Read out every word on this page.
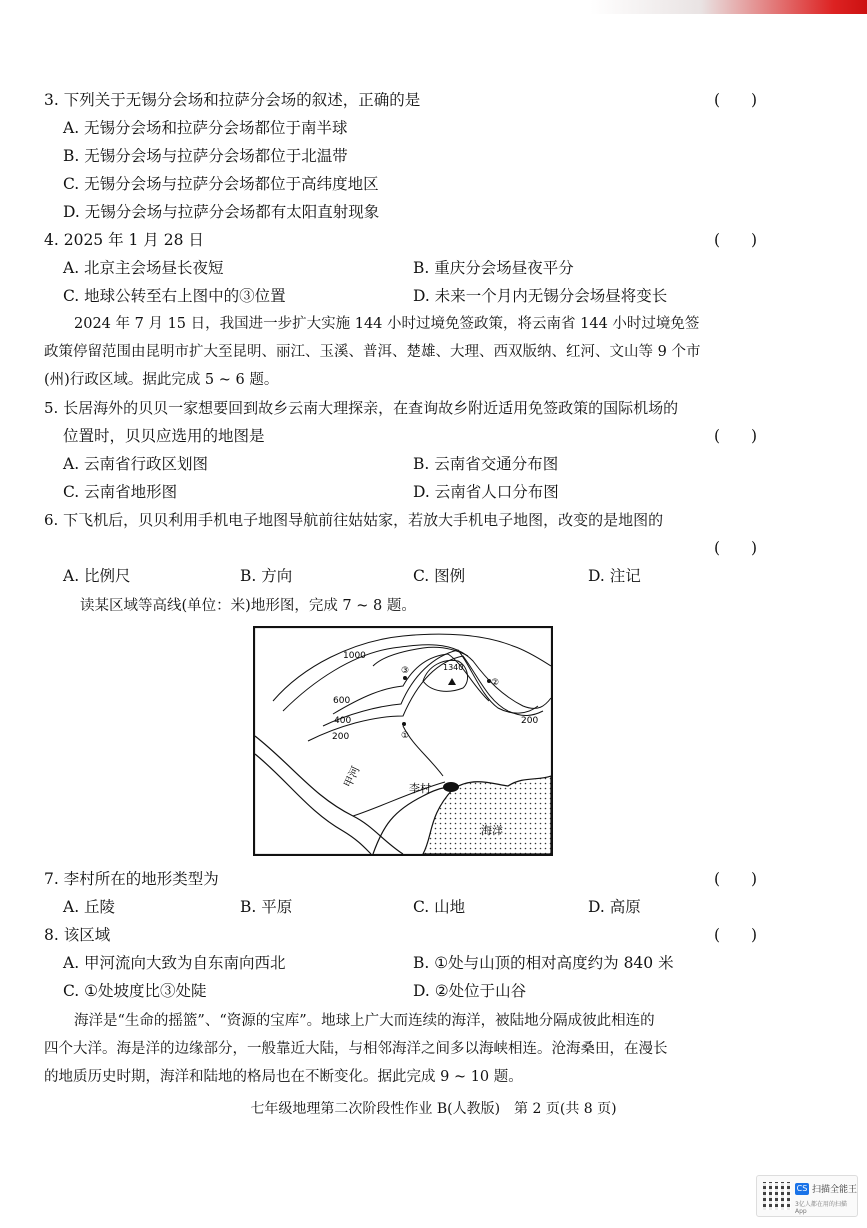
3. 下列关于无锡分会场和拉萨分会场的叙述，正确的是	(　　)
A. 无锡分会场和拉萨分会场都位于南半球
B. 无锡分会场与拉萨分会场都位于北温带
C. 无锡分会场与拉萨分会场都位于高纬度地区
D. 无锡分会场与拉萨分会场都有太阳直射现象
4. 2025 年 1 月 28 日	(　　)
A. 北京主会场昼长夜短	B. 重庆分会场昼夜平分
C. 地球公转至右上图中的③位置	D. 未来一个月内无锡分会场昼将变长
2024 年 7 月 15 日，我国进一步扩大实施 144 小时过境免签政策，将云南省 144 小时过境免签
政策停留范围由昆明市扩大至昆明、丽江、玉溪、普洱、楚雄、大理、西双版纳、红河、文山等 9 个市
(州)行政区域。据此完成 5 ~ 6 题。
5. 长居海外的贝贝一家想要回到故乡云南大理探亲，在查询故乡附近适用免签政策的国际机场的
位置时，贝贝应选用的地图是	(　　)
A. 云南省行政区划图	B. 云南省交通分布图
C. 云南省地形图	D. 云南省人口分布图
6. 下飞机后，贝贝利用手机电子地图导航前往姑姑家，若放大手机电子地图，改变的是地图的
(　　)
A. 比例尺	B. 方向	C. 图例	D. 注记
读某区域等高线(单位：米)地形图，完成 7 ~ 8 题。
1340
1000
600
400
200
200
①
②
③
李村
甲河
海洋
7. 李村所在的地形类型为	(　　)
A. 丘陵	B. 平原	C. 山地	D. 高原
8. 该区域	(　　)
A. 甲河流向大致为自东南向西北	B. ①处与山顶的相对高度约为 840 米
C. ①处坡度比③处陡	D. ②处位于山谷
海洋是“生命的摇篮”、“资源的宝库”。地球上广大而连续的海洋，被陆地分隔成彼此相连的
四个大洋。海是洋的边缘部分，一般靠近大陆，与相邻海洋之间多以海峡相连。沧海桑田，在漫长
的地质历史时期，海洋和陆地的格局也在不断变化。据此完成 9 ~ 10 题。
七年级地理第二次阶段性作业 B(人教版)　第 2 页(共 8 页)
CS 扫描全能王
3亿人都在用的扫描App
